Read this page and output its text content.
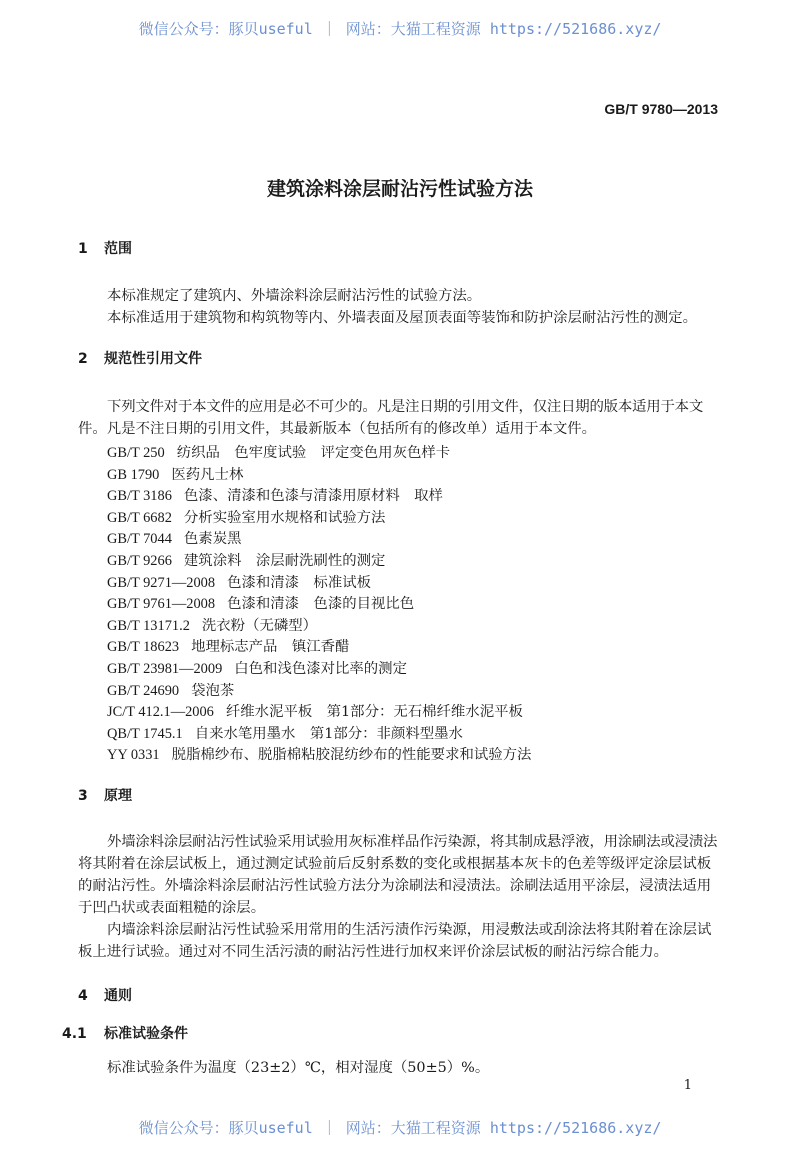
微信公众号：豚贝useful ｜ 网站：大猫工程资源 https://521686.xyz/
GB/T 9780—2013
建筑涂料涂层耐沾污性试验方法
1 范围
本标准规定了建筑内、外墙涂料涂层耐沾污性的试验方法。
本标准适用于建筑物和构筑物等内、外墙表面及屋顶表面等装饰和防护涂层耐沾污性的测定。
2 规范性引用文件
下列文件对于本文件的应用是必不可少的。凡是注日期的引用文件，仅注日期的版本适用于本文
件。凡是不注日期的引用文件，其最新版本（包括所有的修改单）适用于本文件。
GB/T 250 纺织品　色牢度试验　评定变色用灰色样卡
GB 1790 医药凡士林
GB/T 3186 色漆、清漆和色漆与清漆用原材料　取样
GB/T 6682 分析实验室用水规格和试验方法
GB/T 7044 色素炭黑
GB/T 9266 建筑涂料　涂层耐洗刷性的测定
GB/T 9271—2008 色漆和清漆　标准试板
GB/T 9761—2008 色漆和清漆　色漆的目视比色
GB/T 13171.2 洗衣粉（无磷型）
GB/T 18623 地理标志产品　镇江香醋
GB/T 23981—2009 白色和浅色漆对比率的测定
GB/T 24690 袋泡茶
JC/T 412.1—2006 纤维水泥平板　第1部分：无石棉纤维水泥平板
QB/T 1745.1 自来水笔用墨水　第1部分：非颜料型墨水
YY 0331 脱脂棉纱布、脱脂棉粘胶混纺纱布的性能要求和试验方法
3 原理
外墙涂料涂层耐沾污性试验采用试验用灰标准样品作污染源，将其制成悬浮液，用涂刷法或浸渍法
将其附着在涂层试板上，通过测定试验前后反射系数的变化或根据基本灰卡的色差等级评定涂层试板
的耐沾污性。外墙涂料涂层耐沾污性试验方法分为涂刷法和浸渍法。涂刷法适用平涂层，浸渍法适用
于凹凸状或表面粗糙的涂层。
内墙涂料涂层耐沾污性试验采用常用的生活污渍作污染源，用浸敷法或刮涂法将其附着在涂层试
板上进行试验。通过对不同生活污渍的耐沾污性进行加权来评价涂层试板的耐沾污综合能力。
4 通则
4.1 标准试验条件
标准试验条件为温度（23±2）℃，相对湿度（50±5）%。
1
微信公众号：豚贝useful ｜ 网站：大猫工程资源 https://521686.xyz/
